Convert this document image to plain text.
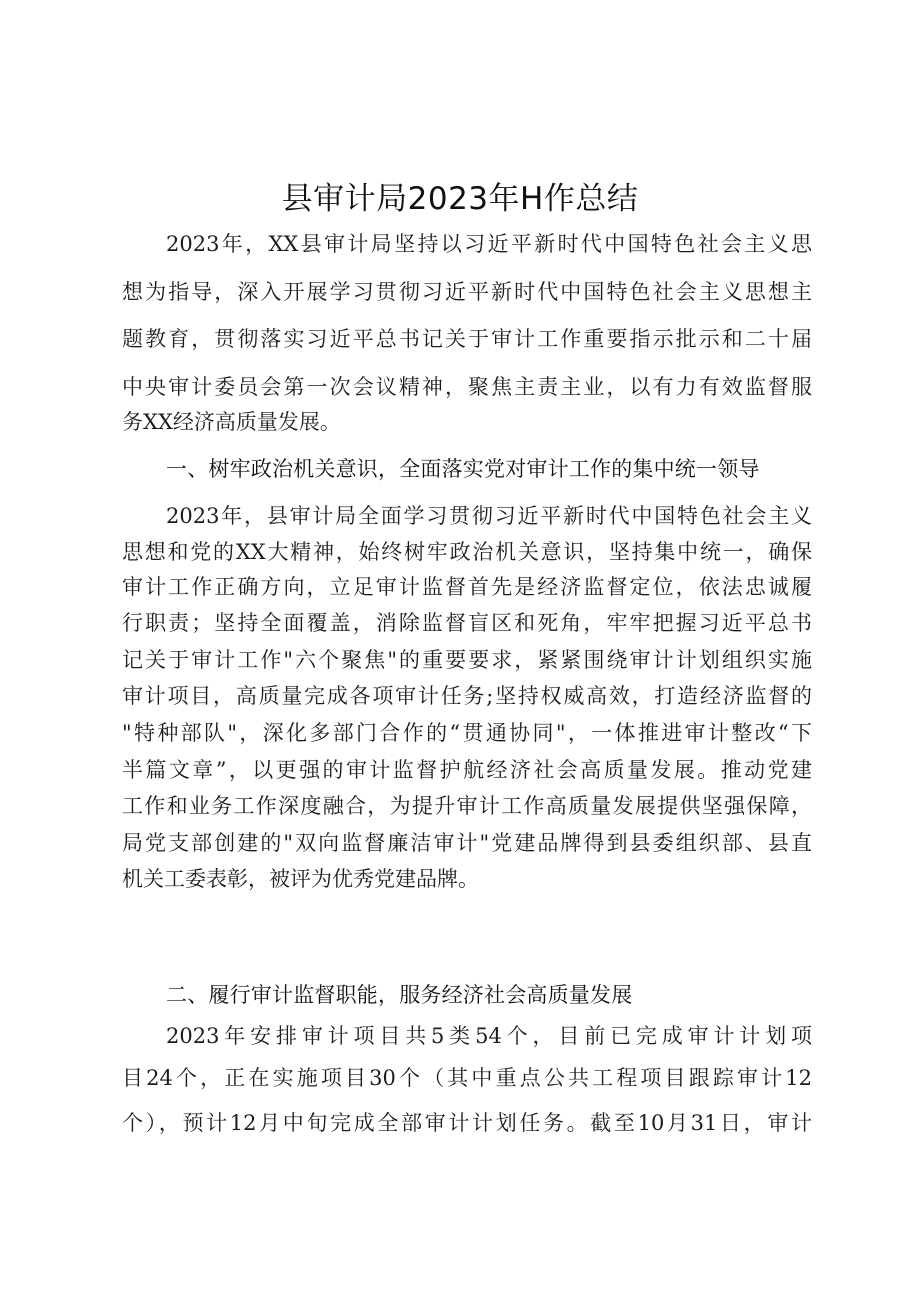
县审计局2023年H作总结
2023年，XX县审计局坚持以习近平新时代中国特色社会主义思
想为指导，深入开展学习贯彻习近平新时代中国特色社会主义思想主
题教育，贯彻落实习近平总书记关于审计工作重要指示批示和二十届
中央审计委员会第一次会议精神，聚焦主责主业，以有力有效监督服
务XX经济高质量发展。
一、树牢政治机关意识，全面落实党对审计工作的集中统一领导
2023年，县审计局全面学习贯彻习近平新时代中国特色社会主义
思想和党的XX大精神，始终树牢政治机关意识，坚持集中统一，确保
审计工作正确方向，立足审计监督首先是经济监督定位，依法忠诚履
行职责；坚持全面覆盖，消除监督盲区和死角，牢牢把握习近平总书
记关于审计工作"六个聚焦"的重要要求，紧紧围绕审计计划组织实施
审计项目，高质量完成各项审计任务;坚持权威高效，打造经济监督的
"特种部队"，深化多部门合作的“贯通协同"，一体推进审计整改“下
半篇文章”，以更强的审计监督护航经济社会高质量发展。推动党建
工作和业务工作深度融合，为提升审计工作高质量发展提供坚强保障，
局党支部创建的"双向监督廉洁审计"党建品牌得到县委组织部、县直
机关工委表彰，被评为优秀党建品牌。
二、履行审计监督职能，服务经济社会高质量发展
2023年安排审计项目共5类54个，目前已完成审计计划项
目24个，正在实施项目30个（其中重点公共工程项目跟踪审计12
个），预计12月中旬完成全部审计计划任务。截至10月31日，审计
